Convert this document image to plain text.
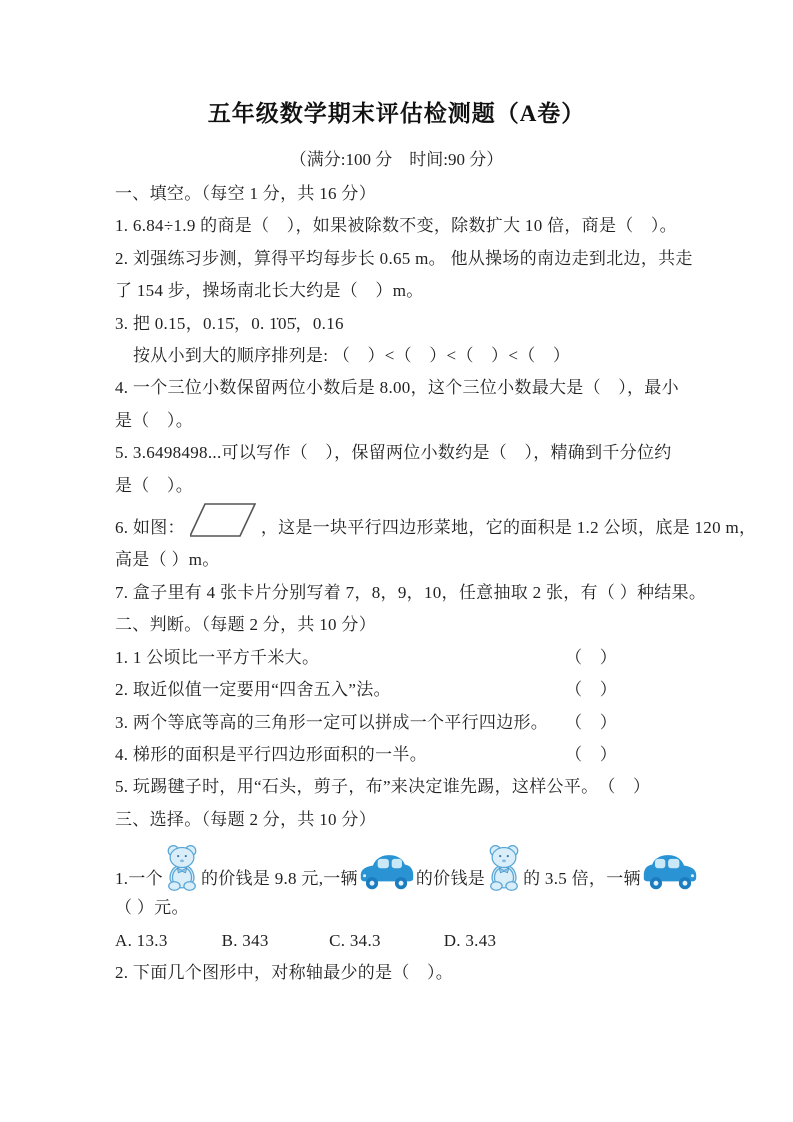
五年级数学期末评估检测题（A卷）
（满分:100 分　时间:90 分）
一、填空。（每空 1 分，共 16 分）
1. 6.84÷1.9 的商是（　），如果被除数不变，除数扩大 10 倍，商是（　）。
2. 刘强练习步测，算得平均每步长 0.65 m。 他从操场的南边走到北边，共走
了 154 步，操场南北长大约是（　）m。
3. 把 0.15，0.15̇，0. 1̇05̇，0.16
按从小到大的顺序排列是: （　）<（　）<（　）<（　）
4. 一个三位小数保留两位小数后是 8.00，这个三位小数最大是（　），最小
是（　）。
5. 3.6498498...可以写作（　），保留两位小数约是（　），精确到千分位约
是（　）。
6. 如图：	，这是一块平行四边形菜地，它的面积是 1.2 公顷，底是 120 m，
高是（ ）m。
7. 盒子里有 4 张卡片分别写着 7，8，9，10，任意抽取 2 张，有（ ）种结果。
二、判断。（每题 2 分，共 10 分）
1. 1 公顷比一平方千米大。	（　）
2. 取近似值一定要用“四舍五入”法。	（　）
3. 两个等底等高的三角形一定可以拼成一个平行四边形。 （　）
4. 梯形的面积是平行四边形面积的一半。	（　）
5. 玩踢毽子时，用“石头，剪子，布”来决定谁先踢，这样公平。 （　）
三、选择。（每题 2 分，共 10 分）
1.一个 的价钱是 9.8 元,一辆	的价钱是 的 3.5 倍，一辆
（ ）元。
A. 13.3	B. 343	C. 34.3	D. 3.43
2. 下面几个图形中，对称轴最少的是（　）。
